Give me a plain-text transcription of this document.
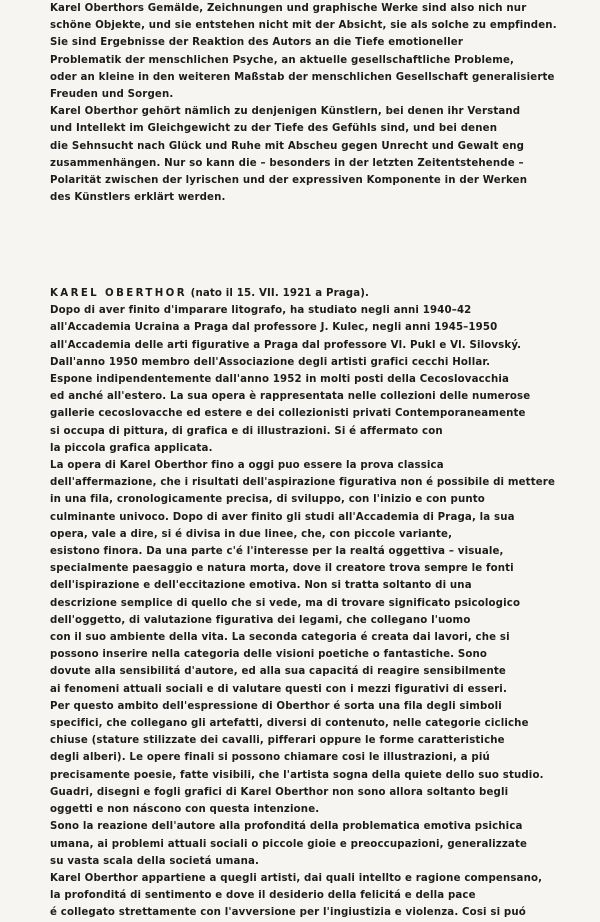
Karel Oberthors Gemälde, Zeichnungen und graphische Werke sind also nich nur
schöne Objekte, und sie entstehen nicht mit der Absicht, sie als solche zu empfinden.
Sie sind Ergebnisse der Reaktion des Autors an die Tiefe emotioneller
Problematik der menschlichen Psyche, an aktuelle gesellschaftliche Probleme,
oder an kleine in den weiteren Maßstab der menschlichen Gesellschaft generalisierte
Freuden und Sorgen.
Karel Oberthor gehört nämlich zu denjenigen Künstlern, bei denen ihr Verstand
und Intellekt im Gleichgewicht zu der Tiefe des Gefühls sind, und bei denen
die Sehnsucht nach Glück und Ruhe mit Abscheu gegen Unrecht und Gewalt eng
zusammenhängen. Nur so kann die – besonders in der letzten Zeitentstehende –
Polarität zwischen der lyrischen und der expressiven Komponente in der Werken
des Künstlers erklärt werden.
KAREL OBERTHOR (nato il 15. VII. 1921 a Praga).
Dopo di aver finito d'imparare litografo, ha studiato negli anni 1940–42
all'Accademia Ucraina a Praga dal professore J. Kulec, negli anni 1945–1950
all'Accademia delle arti figurative a Praga dal professore Vl. Pukl e Vl. Silovský.
Dall'anno 1950 membro dell'Associazione degli artisti grafici cecchi Hollar.
Espone indipendentemente dall'anno 1952 in molti posti della Cecoslovacchia
ed anché all'estero. La sua opera è rappresentata nelle collezioni delle numerose
gallerie cecoslovacche ed estere e dei collezionisti privati Contemporaneamente
si occupa di pittura, di grafica e di illustrazioni. Si é affermato con
la piccola grafica applicata.
La opera di Karel Oberthor fino a oggi puo essere la prova classica
dell'affermazione, che i risultati dell'aspirazione figurativa non é possibile di mettere
in una fila, cronologicamente precisa, di sviluppo, con l'inizio e con punto
culminante univoco. Dopo di aver finito gli studi all'Accademia di Praga, la sua
opera, vale a dire, si é divisa in due linee, che, con piccole variante,
esistono finora. Da una parte c'é l'interesse per la realtá oggettiva – visuale,
specialmente paesaggio e natura morta, dove il creatore trova sempre le fonti
dell'ispirazione e dell'eccitazione emotiva. Non si tratta soltanto di una
descrizione semplice di quello che si vede, ma di trovare significato psicologico
dell'oggetto, di valutazione figurativa dei legami, che collegano l'uomo
con il suo ambiente della vita. La seconda categoria é creata dai lavori, che si
possono inserire nella categoria delle visioni poetiche o fantastiche. Sono
dovute alla sensibilitá d'autore, ed alla sua capacitá di reagire sensibilmente
ai fenomeni attuali sociali e di valutare questi con i mezzi figurativi di esseri.
Per questo ambito dell'espressione di Oberthor é sorta una fila degli simboli
specifici, che collegano gli artefatti, diversi di contenuto, nelle categorie cicliche
chiuse (stature stilizzate dei cavalli, pifferari oppure le forme caratteristiche
degli alberi). Le opere finali si possono chiamare cosi le illustrazioni, a piú
precisamente poesie, fatte visibili, che l'artista sogna della quiete dello suo studio.
Guadri, disegni e fogli grafici di Karel Oberthor non sono allora soltanto begli
oggetti e non náscono con questa intenzione.
Sono la reazione dell'autore alla profonditá della problematica emotiva psichica
umana, ai problemi attuali sociali o piccole gioie e preoccupazioni, generalizzate
su vasta scala della societá umana.
Karel Oberthor appartiene a quegli artisti, dai quali intellto e ragione compensano,
la profonditá di sentimento e dove il desiderio della felicitá e della pace
é collegato strettamente con l'avversione per l'ingiustizia e violenza. Cosi si puó
